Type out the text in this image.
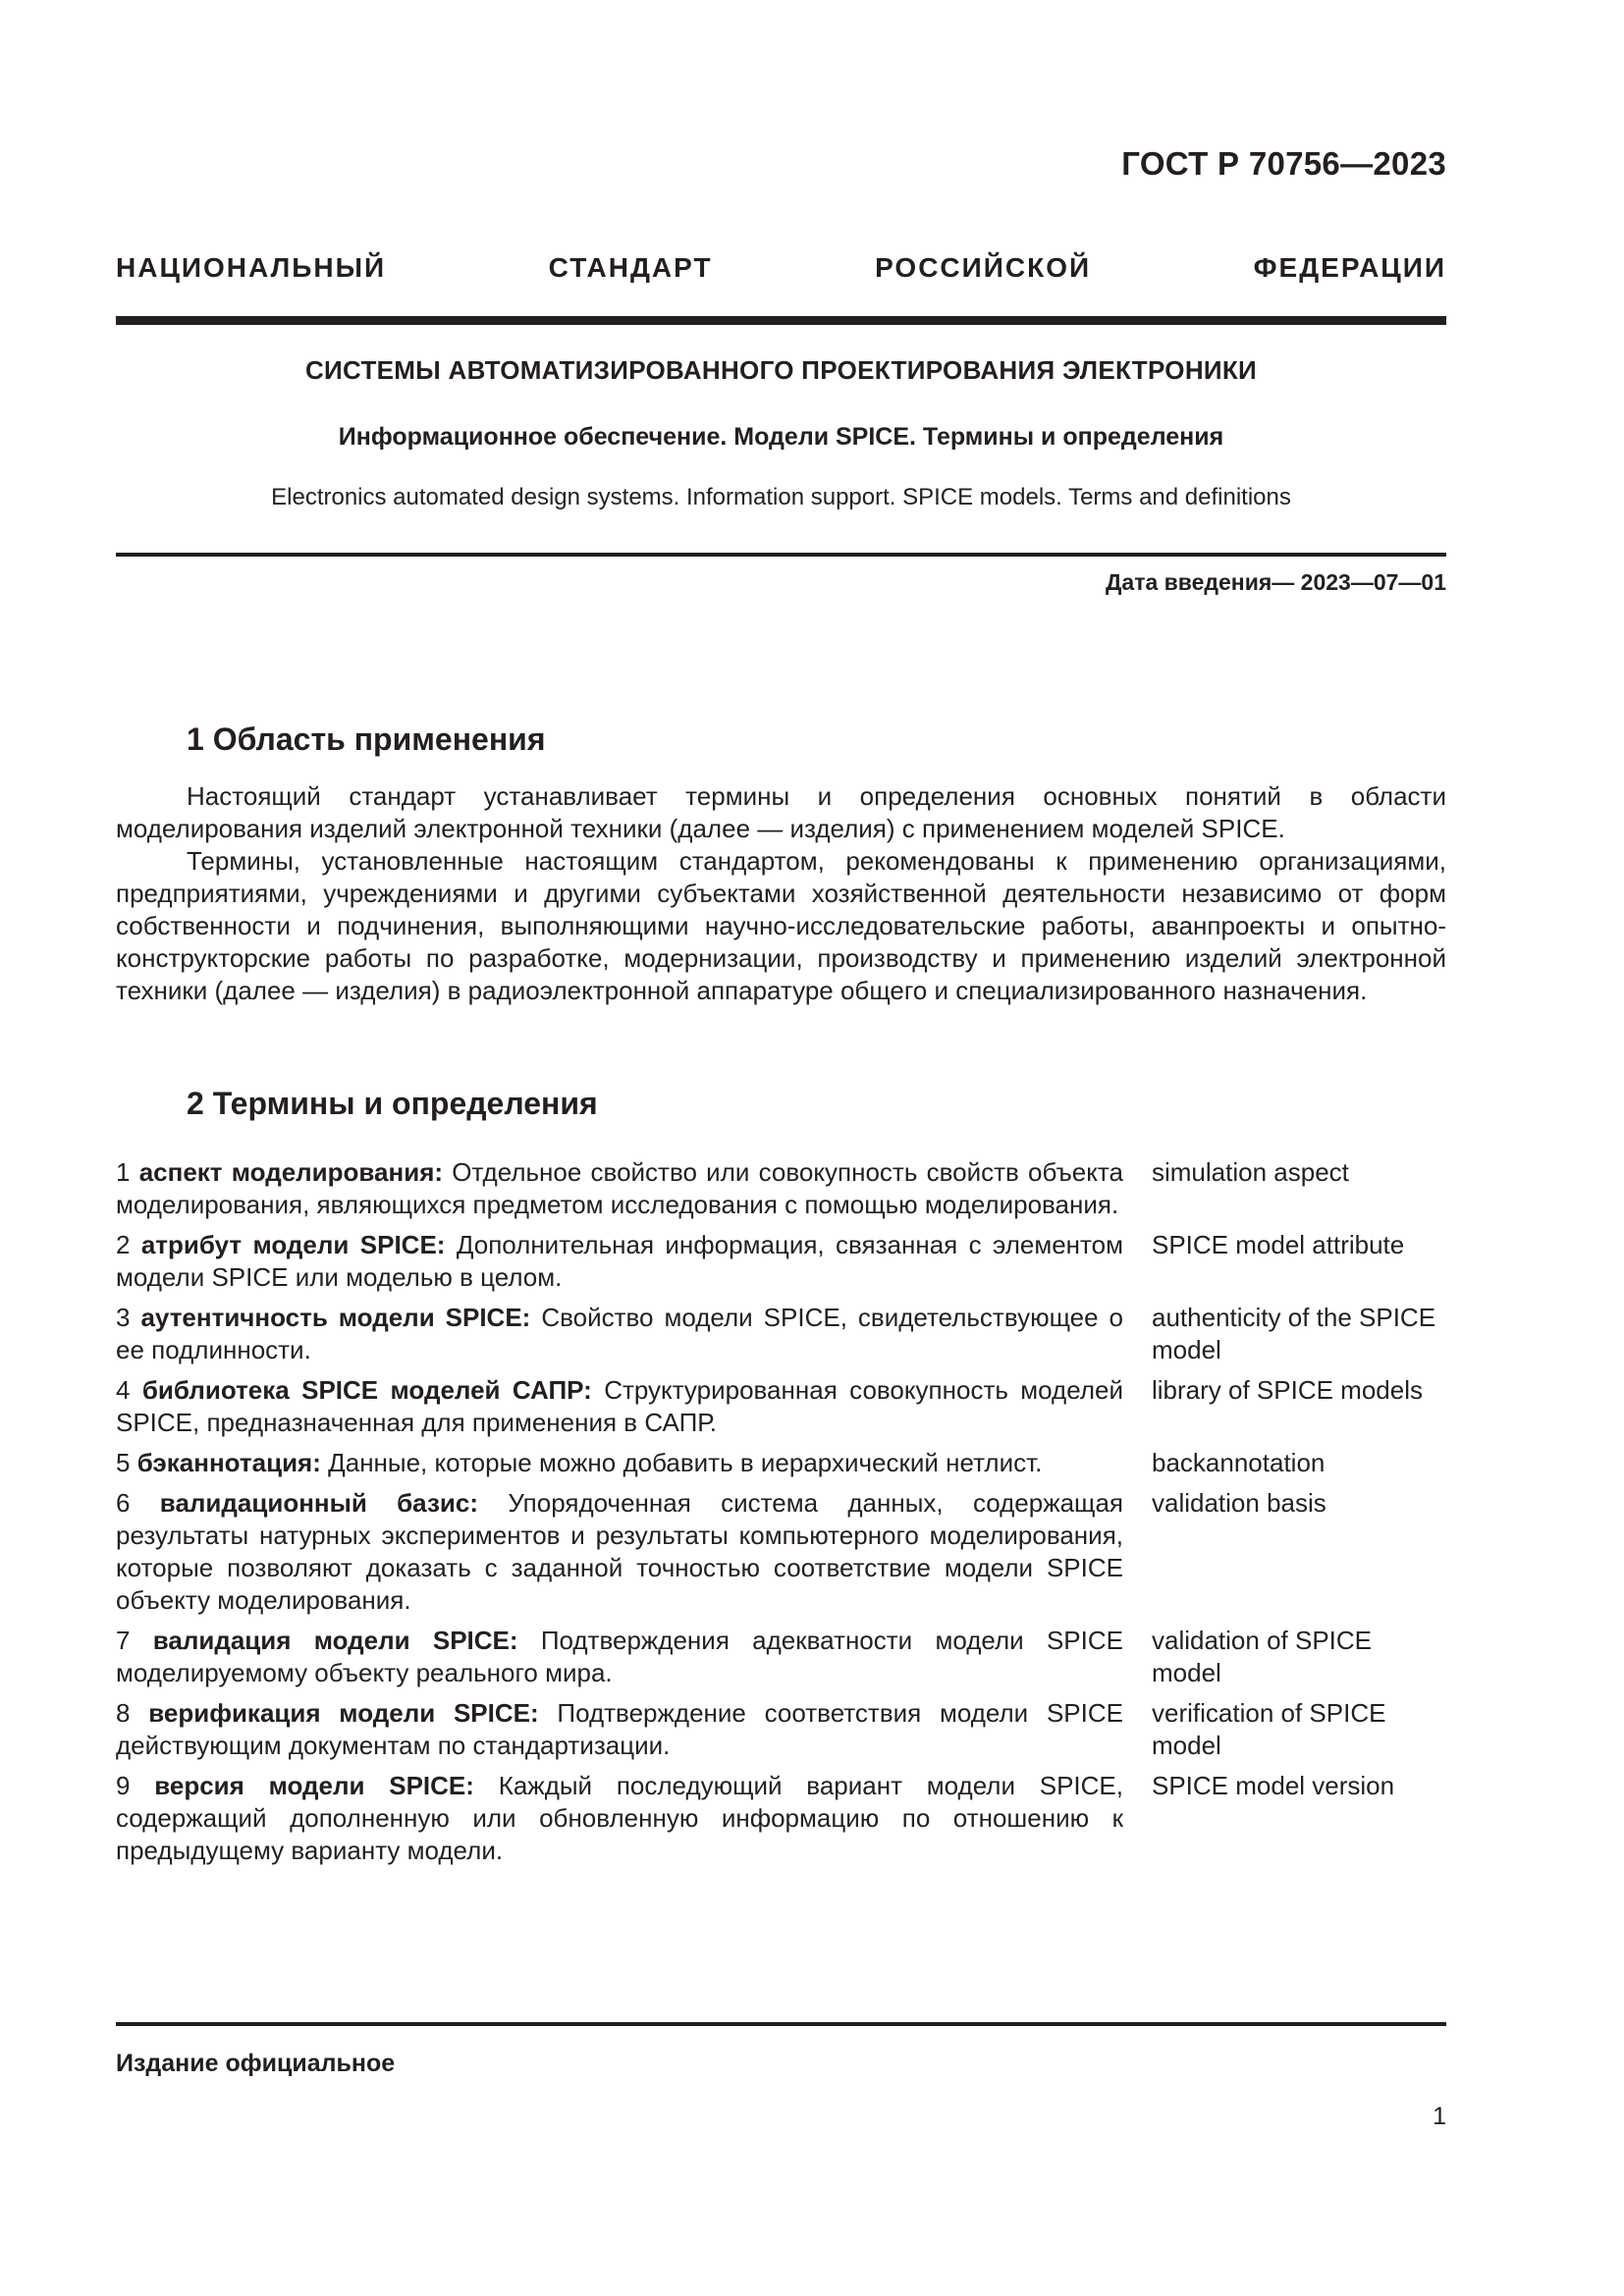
ГОСТ Р 70756—2023
НАЦИОНАЛЬНЫЙ СТАНДАРТ РОССИЙСКОЙ ФЕДЕРАЦИИ
СИСТЕМЫ АВТОМАТИЗИРОВАННОГО ПРОЕКТИРОВАНИЯ ЭЛЕКТРОНИКИ
Информационное обеспечение. Модели SPICE. Термины и определения
Electronics automated design systems. Information support. SPICE models. Terms and definitions
Дата введения— 2023—07—01
1 Область применения

Настоящий стандарт устанавливает термины и определения основных понятий в области моделирования изделий электронной техники (далее — изделия) с применением моделей SPICE.

Термины, установленные настоящим стандартом, рекомендованы к применению организациями, предприятиями, учреждениями и другими субъектами хозяйственной деятельности независимо от форм собственности и подчинения, выполняющими научно-исследовательские работы, аванпроекты и опытно-конструкторские работы по разработке, модернизации, производству и применению изделий электронной техники (далее — изделия) в радиоэлектронной аппаратуре общего и специализированного назначения.

2 Термины и определения
1 аспект моделирования: Отдельное свойство или совокупность свойств объекта моделирования, являющихся предметом исследования с помощью моделирования.
simulation aspect
2 атрибут модели SPICE: Дополнительная информация, связанная с элементом модели SPICE или моделью в целом.
SPICE model attribute
3 аутентичность модели SPICE: Свойство модели SPICE, свидетельствующее о ее подлинности.
authenticity of the SPICE model
4 библиотека SPICE моделей САПР: Структурированная совокупность моделей SPICE, предназначенная для применения в САПР.
library of SPICE models
5 бэканнотация: Данные, которые можно добавить в иерархический нетлист.	backannotation
6 валидационный базис: Упорядоченная система данных, содержащая результаты натурных экспериментов и результаты компьютерного моделирования, которые позволяют доказать с заданной точностью соответствие модели SPICE объекту моделирования.
validation basis
7 валидация модели SPICE: Подтверждения адекватности модели SPICE моделируемому объекту реального мира.
validation of SPICE model
8 верификация модели SPICE: Подтверждение соответствия модели SPICE действующим документам по стандартизации.
verification of SPICE model
9 версия модели SPICE: Каждый последующий вариант модели SPICE, содержащий дополненную или обновленную информацию по отношению к предыдущему варианту модели.
SPICE model version
Издание официальное
1
